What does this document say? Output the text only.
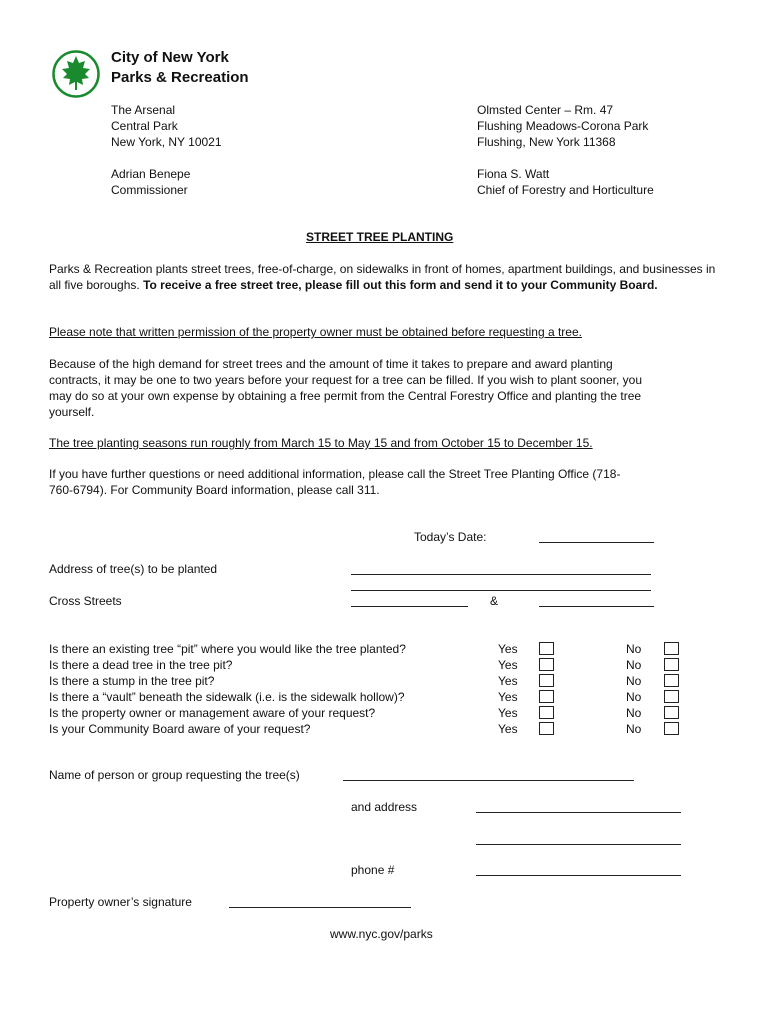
City of New York
Parks & Recreation
The Arsenal
Central Park
New York, NY 10021
Olmsted Center – Rm. 47
Flushing Meadows-Corona Park
Flushing, New York 11368
Adrian Benepe
Commissioner
Fiona S. Watt
Chief of Forestry and Horticulture
STREET TREE PLANTING
Parks & Recreation plants street trees, free-of-charge, on sidewalks in front of homes, apartment buildings, and businesses in all five boroughs. To receive a free street tree, please fill out this form and send it to your Community Board.
Please note that written permission of the property owner must be obtained before requesting a tree.
Because of the high demand for street trees and the amount of time it takes to prepare and award planting contracts, it may be one to two years before your request for a tree can be filled. If you wish to plant sooner, you may do so at your own expense by obtaining a free permit from the Central Forestry Office and planting the tree yourself.
The tree planting seasons run roughly from March 15 to May 15 and from October 15 to December 15.
If you have further questions or need additional information, please call the Street Tree Planting Office (718-760-6794). For Community Board information, please call 311.
Today’s Date:
Address of tree(s) to be planted
Cross Streets	&
Is there an existing tree “pit” where you would like the tree planted?
Is there a dead tree in the tree pit?
Is there a stump in the tree pit?
Is there a “vault” beneath the sidewalk (i.e. is the sidewalk hollow)?
Is the property owner or management aware of your request?
Is your Community Board aware of your request?
Yes
Yes
Yes
Yes
Yes
Yes
No
No
No
No
No
No
Name of person or group requesting the tree(s)
and address
phone #
Property owner’s signature
www.nyc.gov/parks
